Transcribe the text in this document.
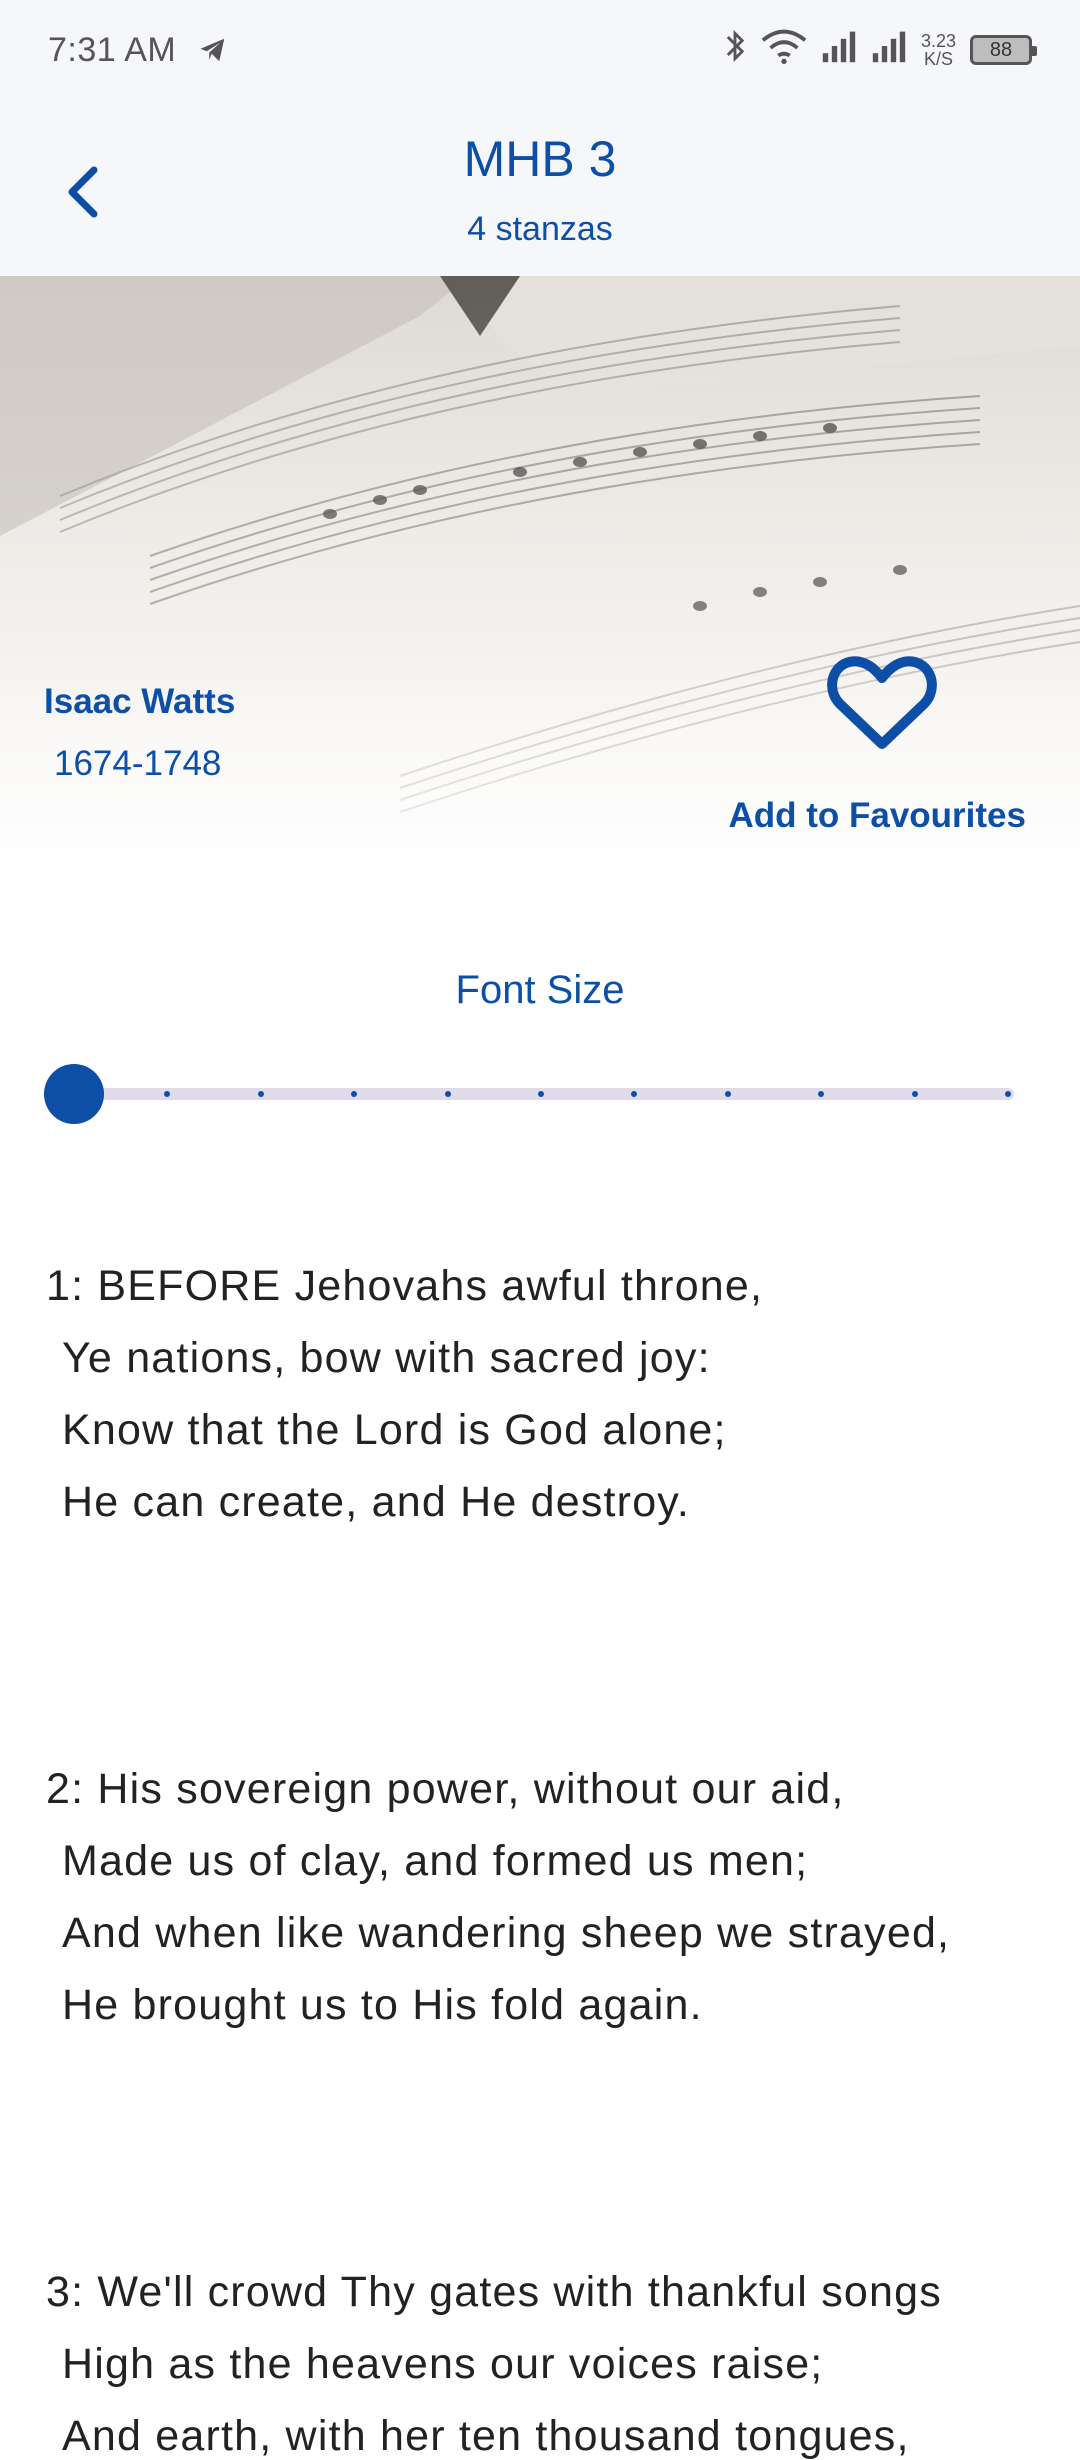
7:31 AM	3.23
K/S 88
MHB 3
4 stanzas
Isaac Watts
1674-1748
Add to Favourites
Font Size
1: BEFORE Jehovahs awful throne,
Ye nations, bow with sacred joy:
Know that the Lord is God alone;
He can create, and He destroy.
2: His sovereign power, without our aid,
Made us of clay, and formed us men;
And when like wandering sheep we strayed,
He brought us to His fold again.
3: We'll crowd Thy gates with thankful songs
High as the heavens our voices raise;
And earth, with her ten thousand tongues,
